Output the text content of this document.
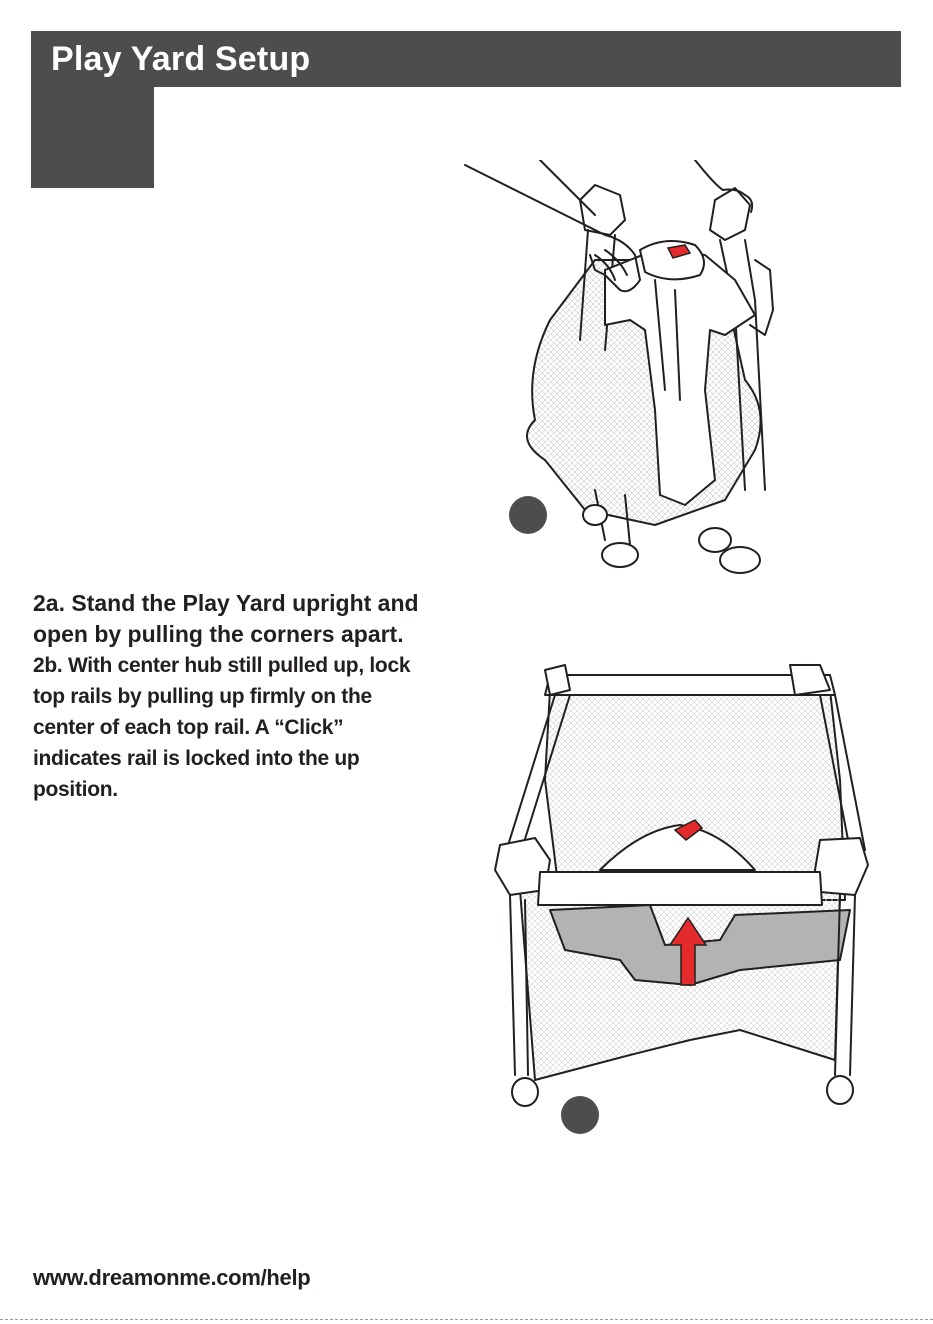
Play Yard Setup

2a. Stand the Play Yard upright and open by pulling the corners apart.

2b. With center hub still pulled up, lock top rails by pulling up firmly on the center of each top rail. A “Click” indicates rail is locked into the up position.

www.dreamonme.com/help
